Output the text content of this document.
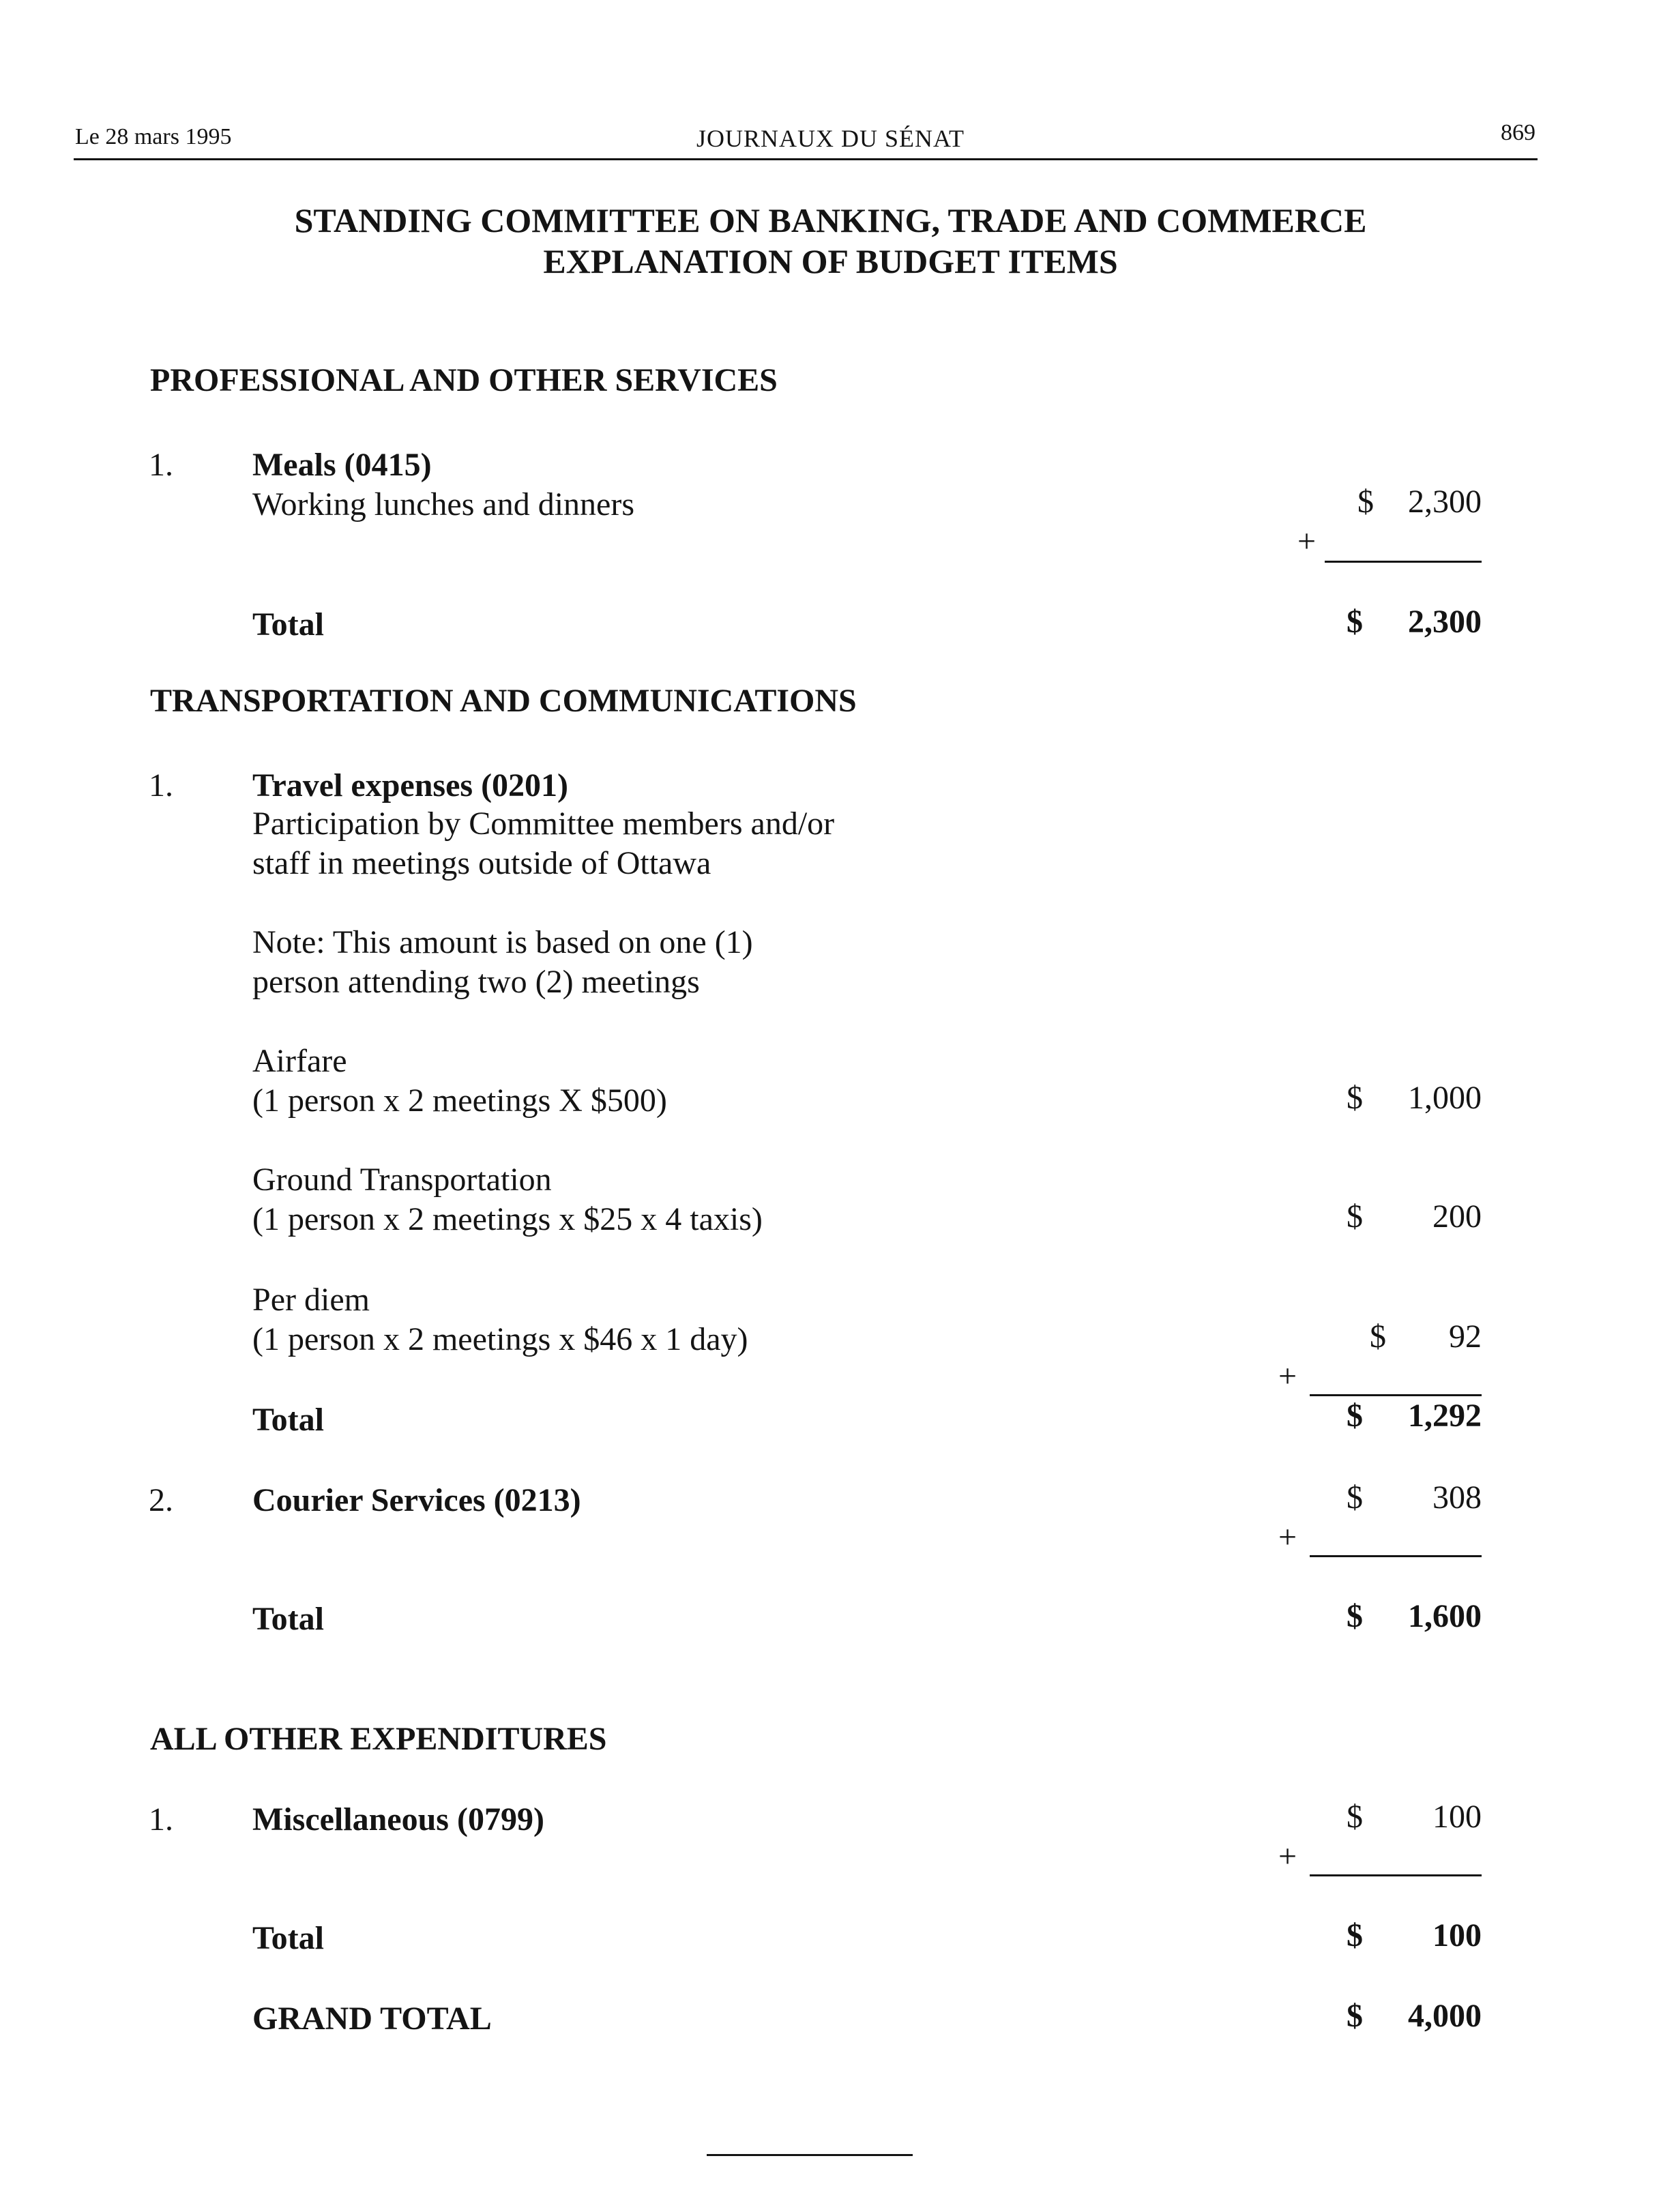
Le 28 mars 1995	JOURNAUX DU SÉNAT	869
STANDING COMMITTEE ON BANKING, TRADE AND COMMERCE
EXPLANATION OF BUDGET ITEMS
PROFESSIONAL AND OTHER SERVICES
1. Meals (0415)
Working lunches and dinners	$	2,300
+
Total	$	2,300
TRANSPORTATION AND COMMUNICATIONS
1. Travel expenses (0201)
Participation by Committee members and/or
staff in meetings outside of Ottawa
Note: This amount is based on one (1)
person attending two (2) meetings
Airfare
(1 person x 2 meetings X $500)	$	1,000
Ground Transportation
(1 person x 2 meetings x $25 x 4 taxis)	$	200
Per diem
(1 person x 2 meetings x $46 x 1 day)	$	92
+
Total	$	1,292
2. Courier Services (0213)	$	308
+
Total	$	1,600
ALL OTHER EXPENDITURES
1. Miscellaneous (0799)	$	100
+
Total	$	100
GRAND TOTAL	$	4,000
